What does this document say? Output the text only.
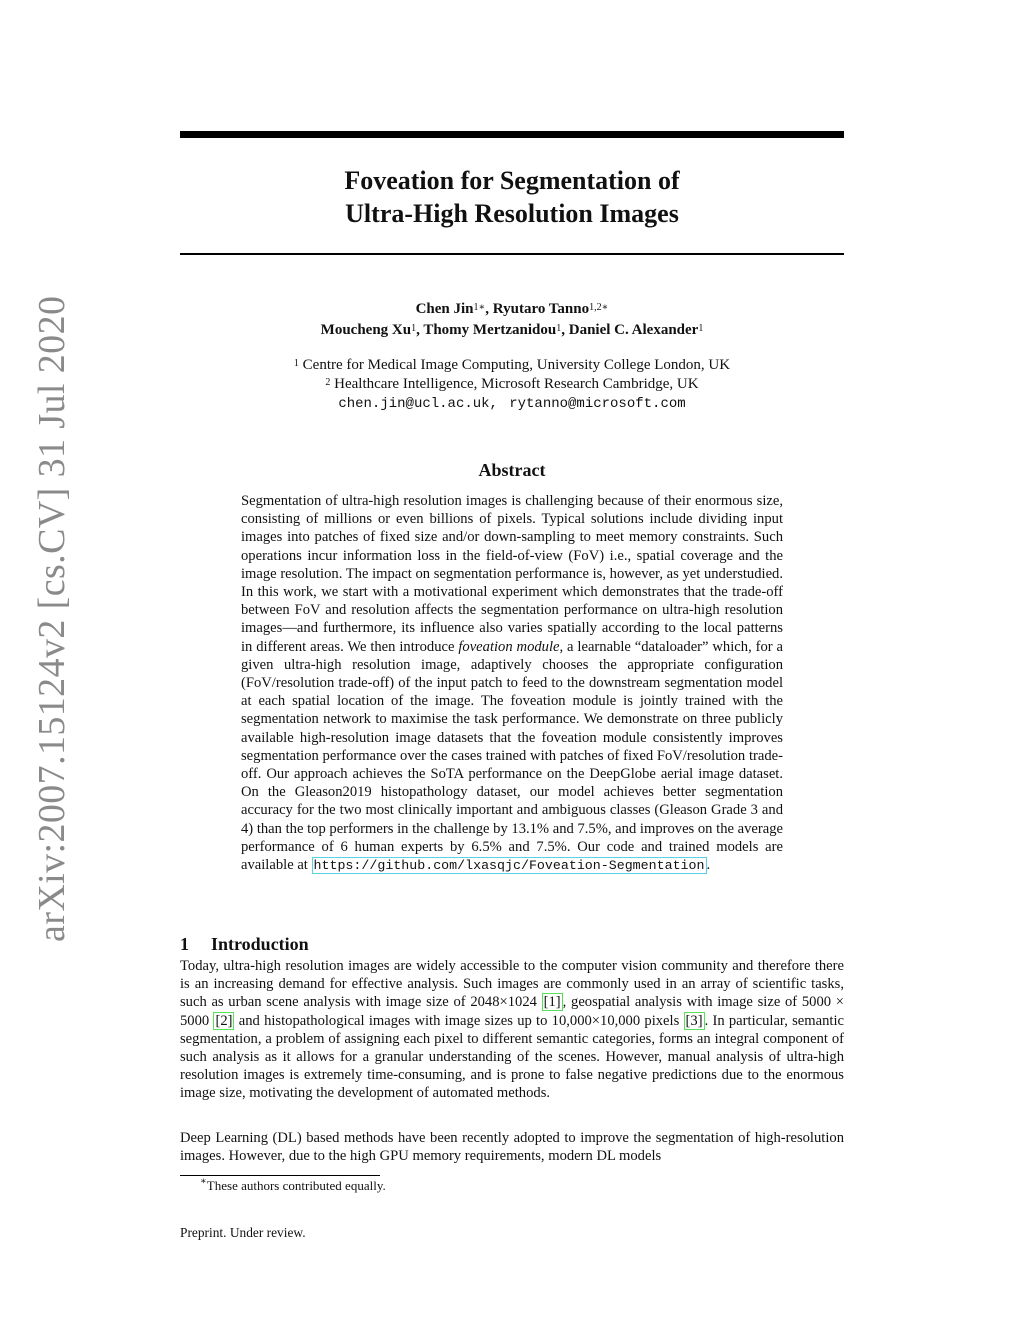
arXiv:2007.15124v2 [cs.CV] 31 Jul 2020
Foveation for Segmentation of
Ultra-High Resolution Images
Chen Jin$^{1∗}$, Ryutaro Tanno$^{1,2∗}$
Moucheng Xu$^1$, Thomy Mertzanidou$^1$, Daniel C. Alexander$^1$
$^1$ Centre for Medical Image Computing, University College London, UK
$^2$ Healthcare Intelligence, Microsoft Research Cambridge, UK
chen.jin@ucl.ac.uk, rytanno@microsoft.com
Abstract
Segmentation of ultra-high resolution images is challenging because of their enormous size, consisting of millions or even billions of pixels. Typical solutions include dividing input images into patches of fixed size and/or down-sampling to meet memory constraints. Such operations incur information loss in the field-of-view (FoV) i.e., spatial coverage and the image resolution. The impact on segmentation performance is, however, as yet understudied. In this work, we start with a motivational experiment which demonstrates that the trade-off between FoV and resolution affects the segmentation performance on ultra-high resolution images—and furthermore, its influence also varies spatially according to the local patterns in different areas. We then introduce foveation module, a learnable “dataloader” which, for a given ultra-high resolution image, adaptively chooses the appropriate configuration (FoV/resolution trade-off) of the input patch to feed to the downstream segmentation model at each spatial location of the image. The foveation module is jointly trained with the segmentation network to maximise the task performance. We demonstrate on three publicly available high-resolution image datasets that the foveation module consistently improves segmentation performance over the cases trained with patches of fixed FoV/resolution trade-off. Our approach achieves the SoTA performance on the DeepGlobe aerial image dataset. On the Gleason2019 histopathology dataset, our model achieves better segmentation accuracy for the two most clinically important and ambiguous classes (Gleason Grade 3 and 4) than the top performers in the challenge by 13.1% and 7.5%, and improves on the average performance of 6 human experts by 6.5% and 7.5%. Our code and trained models are available at https://github.com/lxasqjc/Foveation-Segmentation .
1 Introduction
Today, ultra-high resolution images are widely accessible to the computer vision community and therefore there is an increasing demand for effective analysis. Such images are commonly used in an array of scientific tasks, such as urban scene analysis with image size of 2048×1024 [1] , geospatial analysis with image size of 5000 × 5000 [2] and histopathological images with image sizes up to 10,000×10,000 pixels [3] . In particular, semantic segmentation, a problem of assigning each pixel to different semantic categories, forms an integral component of such analysis as it allows for a granular understanding of the scenes. However, manual analysis of ultra-high resolution images is extremely time-consuming, and is prone to false negative predictions due to the enormous image size, motivating the development of automated methods.
Deep Learning (DL) based methods have been recently adopted to improve the segmentation of high-resolution images. However, due to the high GPU memory requirements, modern DL models
∗These authors contributed equally.
Preprint. Under review.
